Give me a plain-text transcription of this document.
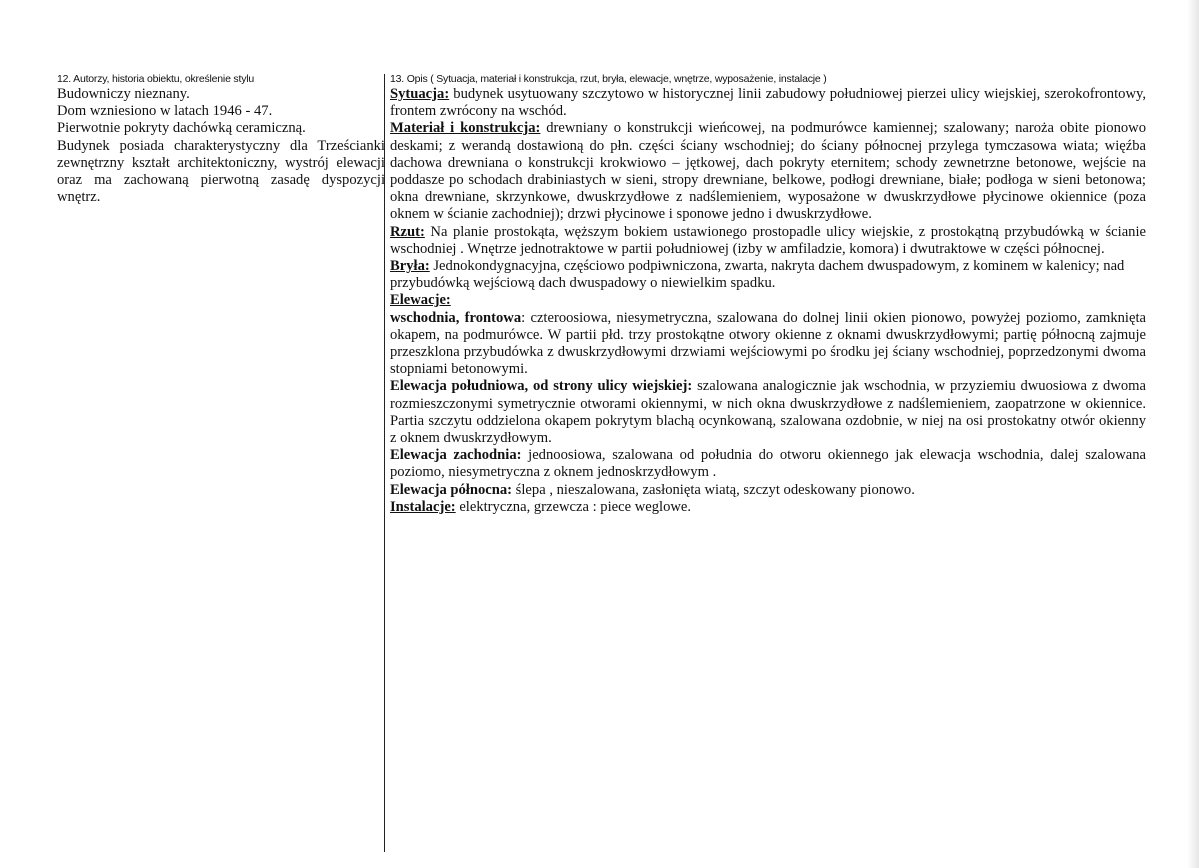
12. Autorzy, historia obiektu, określenie stylu

Budowniczy nieznany.

Dom wzniesiono w latach 1946 - 47.

Pierwotnie pokryty dachówką ceramiczną.

Budynek posiada charakterystyczny dla Trześcianki zewnętrzny kształt architektoniczny, wystrój elewacji oraz ma zachowaną pierwotną zasadę dyspozycji wnętrz.

13. Opis ( Sytuacja, materiał i konstrukcja, rzut, bryła, elewacje, wnętrze, wyposażenie, instalacje )

Sytuacja: budynek usytuowany szczytowo w historycznej linii zabudowy południowej pierzei ulicy wiejskiej, szerokofrontowy, frontem zwrócony na wschód.

Materiał i konstrukcja: drewniany o konstrukcji wieńcowej, na podmurówce kamiennej; szalowany; naroża obite pionowo deskami; z werandą dostawioną do płn. części ściany wschodniej; do ściany północnej przylega tymczasowa wiata; więźba dachowa drewniana o konstrukcji krokwiowo – jętkowej, dach pokryty eternitem; schody zewnetrzne betonowe, wejście na poddasze po schodach drabiniastych w sieni, stropy drewniane, belkowe, podłogi drewniane, białe; podłoga w sieni betonowa; okna drewniane, skrzynkowe, dwuskrzydłowe z nadślemieniem, wyposażone w dwuskrzydłowe płycinowe okiennice (poza oknem w ścianie zachodniej); drzwi płycinowe i sponowe jedno i dwuskrzydłowe.

Rzut: Na planie prostokąta, węższym bokiem ustawionego prostopadle ulicy wiejskie, z prostokątną przybudówką w ścianie wschodniej . Wnętrze jednotraktowe w partii południowej (izby w amfiladzie, komora) i dwutraktowe w części północnej.

Bryła: Jednokondygnacyjna, częściowo podpiwniczona, zwarta, nakryta dachem dwuspadowym, z kominem w kalenicy; nad przybudówką wejściową dach dwuspadowy o niewielkim spadku.

Elewacje:

wschodnia, frontowa: czteroosiowa, niesymetryczna, szalowana do dolnej linii okien pionowo, powyżej poziomo, zamknięta okapem, na podmurówce. W partii płd. trzy prostokątne otwory okienne z oknami dwuskrzydłowymi; partię północną zajmuje przeszklona przybudówka z dwuskrzydłowymi drzwiami wejściowymi po środku jej ściany wschodniej, poprzedzonymi dwoma stopniami betonowymi.

Elewacja południowa, od strony ulicy wiejskiej: szalowana analogicznie jak wschodnia, w przyziemiu dwuosiowa z dwoma rozmieszczonymi symetrycznie otworami okiennymi, w nich okna dwuskrzydłowe z nadślemieniem, zaopatrzone w okiennice. Partia szczytu oddzielona okapem pokrytym blachą ocynkowaną, szalowana ozdobnie, w niej na osi prostokatny otwór okienny z oknem dwuskrzydłowym.

Elewacja zachodnia: jednoosiowa, szalowana od południa do otworu okiennego jak elewacja wschodnia, dalej szalowana poziomo, niesymetryczna z oknem jednoskrzydłowym .

Elewacja północna: ślepa , nieszalowana, zasłonięta wiatą, szczyt odeskowany pionowo.

Instalacje: elektryczna, grzewcza : piece weglowe.
